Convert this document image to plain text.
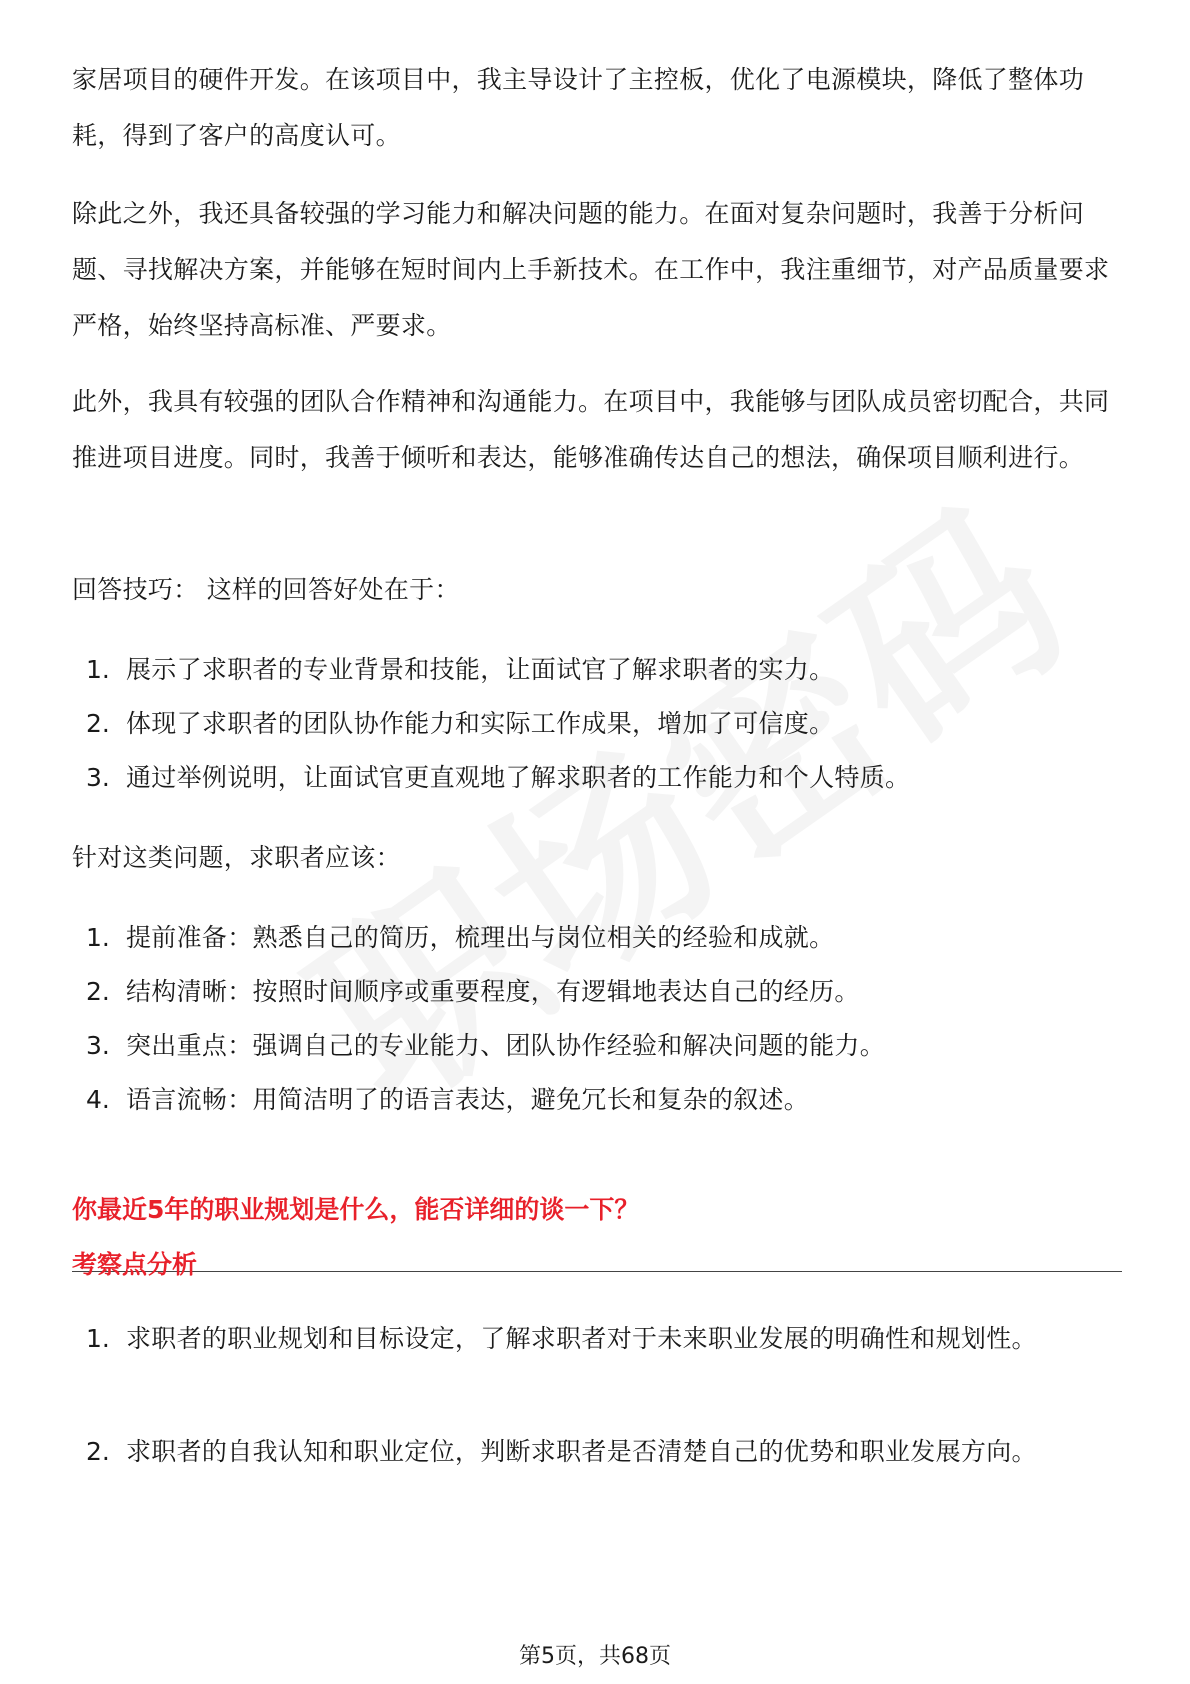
家居项目的硬件开发。在该项目中，我主导设计了主控板，优化了电源模块，降低了整体功耗，得到了客户的高度认可。

除此之外，我还具备较强的学习能力和解决问题的能力。在面对复杂问题时，我善于分析问题、寻找解决方案，并能够在短时间内上手新技术。在工作中，我注重细节，对产品质量要求严格，始终坚持高标准、严要求。

此外，我具有较强的团队合作精神和沟通能力。在项目中，我能够与团队成员密切配合，共同推进项目进度。同时，我善于倾听和表达，能够准确传达自己的想法，确保项目顺利进行。

回答技巧： 这样的回答好处在于：

1. 展示了求职者的专业背景和技能，让面试官了解求职者的实力。
2. 体现了求职者的团队协作能力和实际工作成果，增加了可信度。
3. 通过举例说明，让面试官更直观地了解求职者的工作能力和个人特质。

针对这类问题，求职者应该：

1. 提前准备：熟悉自己的简历，梳理出与岗位相关的经验和成就。
2. 结构清晰：按照时间顺序或重要程度，有逻辑地表达自己的经历。
3. 突出重点：强调自己的专业能力、团队协作经验和解决问题的能力。
4. 语言流畅：用简洁明了的语言表达，避免冗长和复杂的叙述。

你最近5年的职业规划是什么，能否详细的谈一下？

考察点分析

1. 求职者的职业规划和目标设定，了解求职者对于未来职业发展的明确性和规划性。
2. 求职者的自我认知和职业定位，判断求职者是否清楚自己的优势和职业发展方向。
第5页，共68页
